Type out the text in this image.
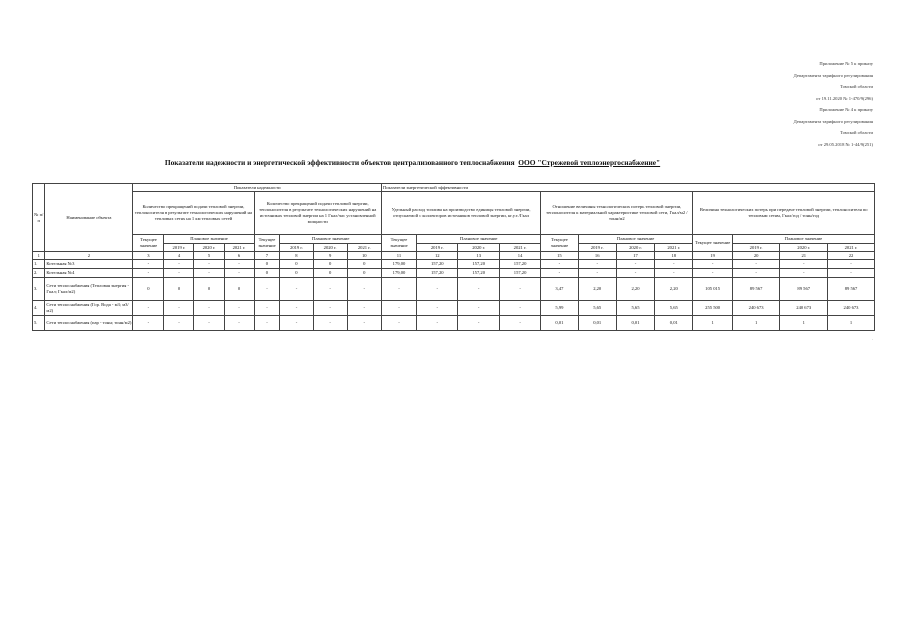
Приложение № 5 к приказу
Департамента тарифного регулирования
Томской области
от 19.11.2020 № 1-470/9(296)
Приложение № 4 к приказу
Департамента тарифного регулирования
Томской области
от 29.05.2018 № 1-44/9(251)
Показатели надежности и энергетической эффективности объектов централизованного теплоснабжения ООО "Стрежевой теплоэнергоснабжение"
№ п/п	Наименование объекта	Показатели надежности								Показатели энергетической эффективности											
		Количество прекращений подачи тепловой энергии, теплоносителя в результате технологических нарушений на тепловых сетях на 1 км тепловых сетей				Количество прекращений подачи тепловой энергии, теплоносителя в результате технологических нарушений на источниках тепловой энергии на 1 Гкал/час установленной мощности				Удельный расход топлива на производство единицы тепловой энергии, отпускаемой с коллекторов источников тепловой энергии, кг.у.т./Гкал				Отношение величины технологических потерь тепловой энергии, теплоносителя к материальной характеристике тепловой сети, Гкал/м2 / тонн/м2				Величина технологических потерь при передаче тепловой энергии, теплоносителя по тепловым сетям, Гкал/год / тонн/год			
		Текущее значение	Плановое значение			Текущее значение	Плановое значение			Текущее значение	Плановое значение			Текущее значение	Плановое значение			Текущее значение	Плановое значение		
			2019 г.	2020 г.	2021 г.		2019 г.	2020 г.	2021 г.		2019 г.	2020 г.	2021 г.		2019 г.	2020 г.	2021 г.		2019 г.	2020 г.	2021 г.
1	2	3	4	5	6	7	8	9	10	11	12	13	14	15	16	17	18	19	20	21	22
1.	Котельная №3	-	-	-	-	0	0	0	0	179,00	157,20	157,20	157,20	-	-	-	-	-	-	-	-
2.	Котельная №4	-	-	-	-	0	0	0	0	179,00	157,20	157,20	157,20	-	-	-	-	-	-	-	-
3.	Сети теплоснабжения (Тепловая энергия - Гкал; Гкал/м2)	0	0	0	0	-	-	-	-	-	-	-	-	3,47	2,20	2,20	2,20	105 015	89 567	89 567	89 567
4.	Сети теплоснабжения (Гор. Вода - м3; м3/м2)	-	-	-	-	-	-	-	-	-	-	-	-	5,99	5,65	5,65	5,65	255 500	240 673	240 673	240 673
5.	Сети теплоснабжения (пар - тонн; тонн/м2)	-	-	-	-	-	-	-	-	-	-	-	-	0,01	0,01	0,01	0,01	1	1	1	1
.
